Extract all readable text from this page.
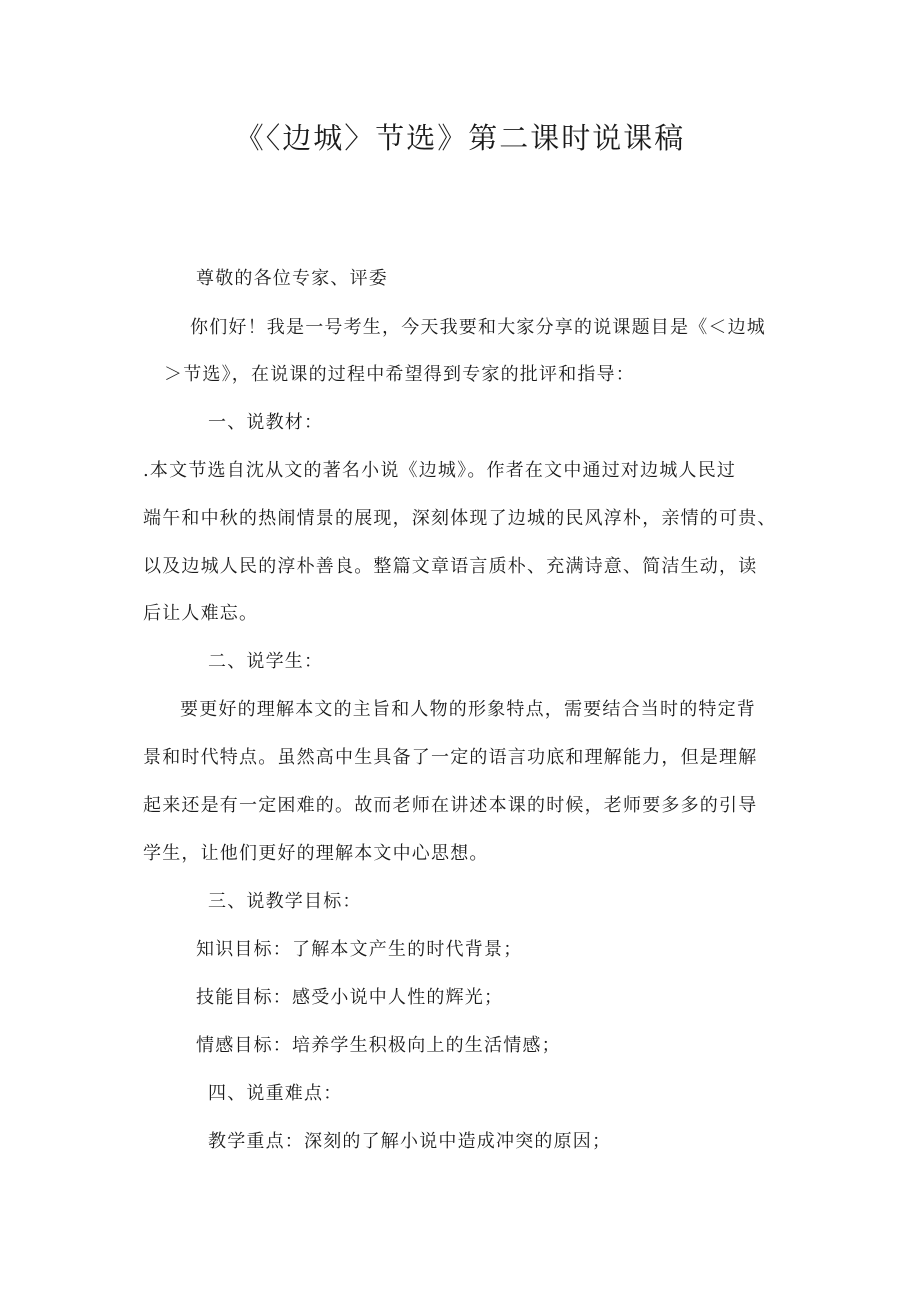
《〈边城〉节选》第二课时说课稿
尊敬的各位专家、评委
你们好！我是一号考生，今天我要和大家分享的说课题目是《＜边城
＞节选》，在说课的过程中希望得到专家的批评和指导：
一、说教材：
.本文节选自沈从文的著名小说《边城》。作者在文中通过对边城人民过
端午和中秋的热闹情景的展现，深刻体现了边城的民风淳朴，亲情的可贵、
以及边城人民的淳朴善良。整篇文章语言质朴、充满诗意、简洁生动，读
后让人难忘。
二、说学生：
要更好的理解本文的主旨和人物的形象特点，需要结合当时的特定背
景和时代特点。虽然高中生具备了一定的语言功底和理解能力，但是理解
起来还是有一定困难的。故而老师在讲述本课的时候，老师要多多的引导
学生，让他们更好的理解本文中心思想。
三、说教学目标：
知识目标：了解本文产生的时代背景；
技能目标：感受小说中人性的辉光；
情感目标：培养学生积极向上的生活情感；
四、说重难点：
教学重点：深刻的了解小说中造成冲突的原因；
